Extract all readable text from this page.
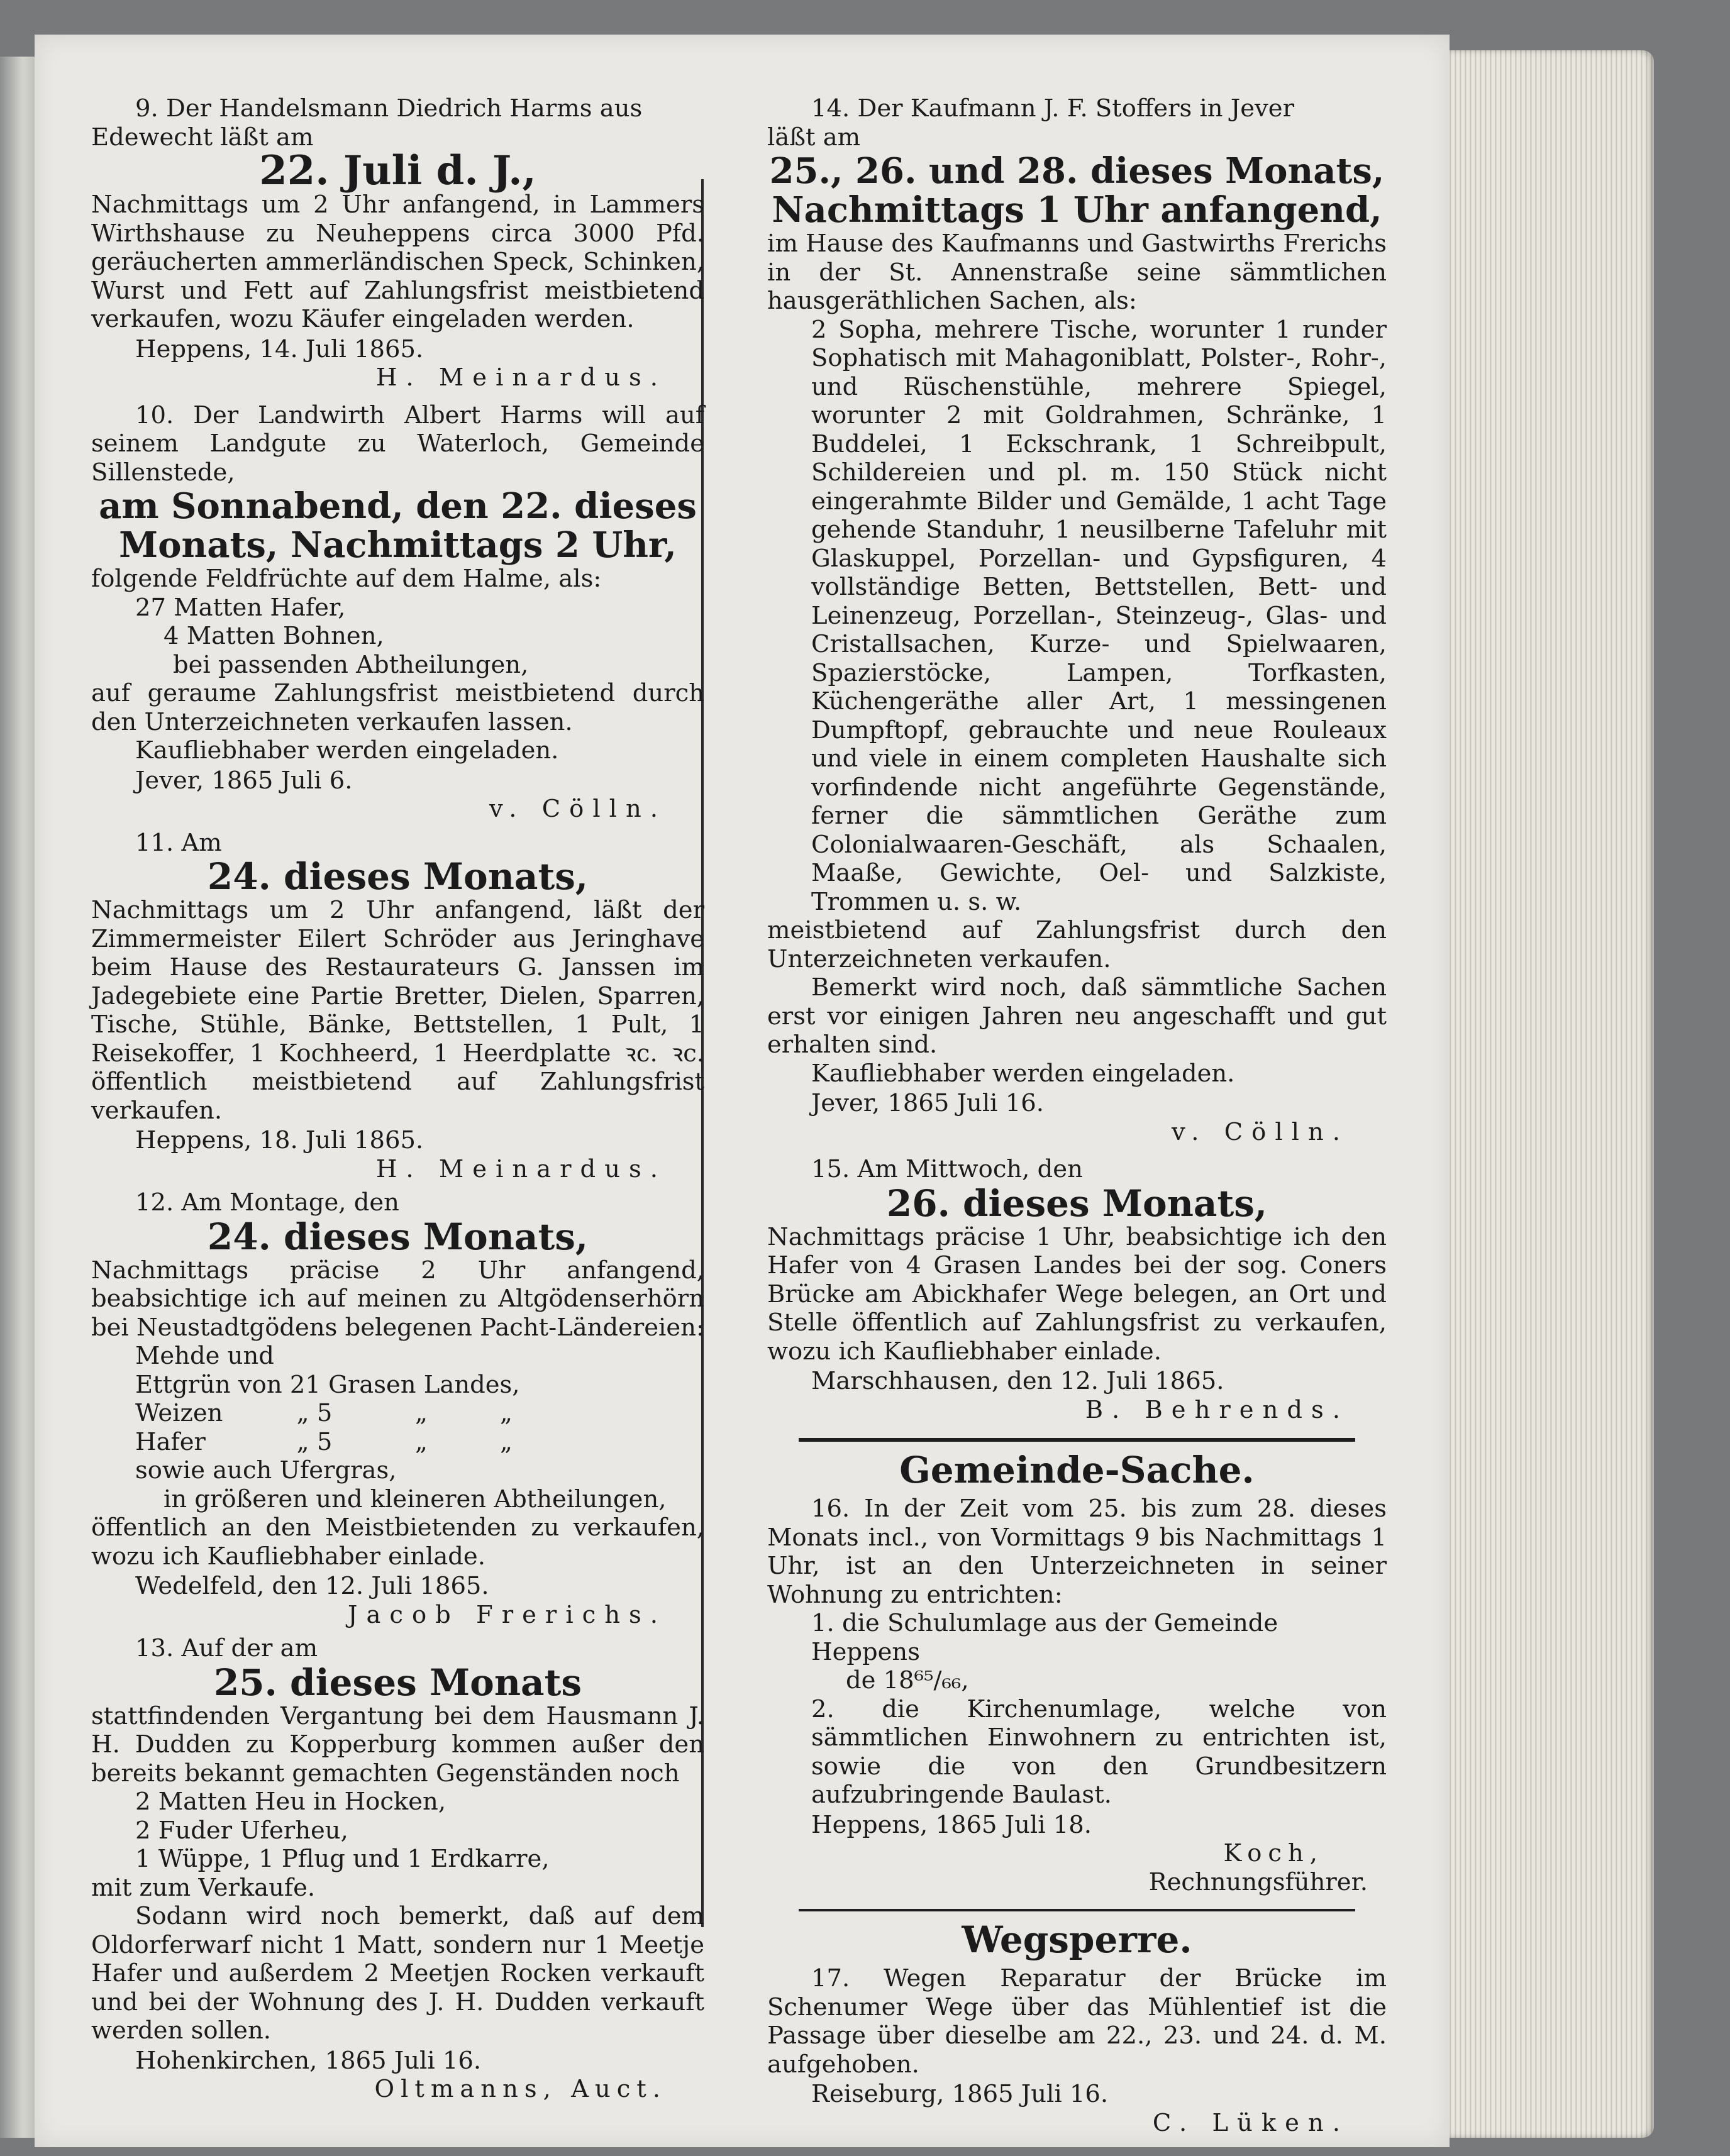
9. Der Handelsmann Diedrich Harms aus

Edewecht läßt am

22. Juli d. J.,

Nachmittags um 2 Uhr anfangend, in Lammers Wirthshause zu Neuheppens circa 3000 Pfd. geräucherten ammerländischen Speck, Schinken, Wurst und Fett auf Zahlungsfrist meistbietend verkaufen, wozu Käufer eingeladen werden.

Heppens, 14. Juli 1865.

H. Meinardus.

10. Der Landwirth Albert Harms will auf seinem Landgute zu Waterloch, Gemeinde Sillenstede,

am Sonnabend, den 22. dieses

Monats, Nachmittags 2 Uhr,

folgende Feldfrüchte auf dem Halme, als:

27 Matten Hafer,

4 Matten Bohnen,

bei passenden Abtheilungen,

auf geraume Zahlungsfrist meistbietend durch den Unterzeichneten verkaufen lassen.

Kaufliebhaber werden eingeladen.

Jever, 1865 Juli 6.

v. Cölln.

11. Am

24. dieses Monats,

Nachmittags um 2 Uhr anfangend, läßt der Zimmermeister Eilert Schröder aus Jeringhave beim Hause des Restaurateurs G. Janssen im Jadegebiete eine Partie Bretter, Dielen, Sparren, Tische, Stühle, Bänke, Bettstellen, 1 Pult, 1 Reisekoffer, 1 Kochheerd, 1 Heerdplatte ꝛc. ꝛc. öffentlich meistbietend auf Zahlungsfrist verkaufen.

Heppens, 18. Juli 1865.

H. Meinardus.

12. Am Montage, den

24. dieses Monats,

Nachmittags präcise 2 Uhr anfangend, beabsichtige ich auf meinen zu Altgödenserhörn bei Neustadtgödens belegenen Pacht-Ländereien:

Mehde und
Ettgrün von 21 Grasen Landes,
Weizen	„ 5	„	„
Hafer	„ 5	„	„

sowie auch Ufergras,

in größeren und kleineren Abtheilungen,

öffentlich an den Meistbietenden zu verkaufen, wozu ich Kaufliebhaber einlade.

Wedelfeld, den 12. Juli 1865.

Jacob Frerichs.

13. Auf der am

25. dieses Monats

stattfindenden Vergantung bei dem Hausmann J. H. Dudden zu Kopperburg kommen außer den bereits bekannt gemachten Gegenständen noch

2 Matten Heu in Hocken,

2 Fuder Uferheu,

1 Wüppe, 1 Pflug und 1 Erdkarre,

mit zum Verkaufe.

Sodann wird noch bemerkt, daß auf dem Oldorferwarf nicht 1 Matt, sondern nur 1 Meetje Hafer und außerdem 2 Meetjen Rocken verkauft und bei der Wohnung des J. H. Dudden verkauft werden sollen.

Hohenkirchen, 1865 Juli 16.

Oltmanns, Auct.

14. Der Kaufmann J. F. Stoffers in Jever

läßt am

25., 26. und 28. dieses Monats,

Nachmittags 1 Uhr anfangend,

im Hause des Kaufmanns und Gastwirths Frerichs in der St. Annenstraße seine sämmtlichen hausgeräthlichen Sachen, als:

2 Sopha, mehrere Tische, worunter 1 runder Sophatisch mit Mahagoniblatt, Polster-, Rohr-, und Rüschenstühle, mehrere Spiegel, worunter 2 mit Goldrahmen, Schränke, 1 Buddelei, 1 Eckschrank, 1 Schreibpult, Schildereien und pl. m. 150 Stück nicht eingerahmte Bilder und Gemälde, 1 acht Tage gehende Standuhr, 1 neusilberne Tafeluhr mit Glaskuppel, Porzellan- und Gypsfiguren, 4 vollständige Betten, Bettstellen, Bett- und Leinenzeug, Porzellan-, Steinzeug-, Glas- und Cristallsachen, Kurze- und Spielwaaren, Spazierstöcke, Lampen, Torfkasten, Küchengeräthe aller Art, 1 messingenen Dumpftopf, gebrauchte und neue Rouleaux und viele in einem completen Haushalte sich vorfindende nicht angeführte Gegenstände, ferner die sämmtlichen Geräthe zum Colonialwaaren-Geschäft, als Schaalen, Maaße, Gewichte, Oel- und Salzkiste, Trommen u. s. w.

meistbietend auf Zahlungsfrist durch den Unterzeichneten verkaufen.

Bemerkt wird noch, daß sämmtliche Sachen erst vor einigen Jahren neu angeschafft und gut erhalten sind.

Kaufliebhaber werden eingeladen.

Jever, 1865 Juli 16.

v. Cölln.

15. Am Mittwoch, den

26. dieses Monats,

Nachmittags präcise 1 Uhr, beabsichtige ich den Hafer von 4 Grasen Landes bei der sog. Coners Brücke am Abickhafer Wege belegen, an Ort und Stelle öffentlich auf Zahlungsfrist zu verkaufen, wozu ich Kaufliebhaber einlade.

Marschhausen, den 12. Juli 1865.

B. Behrends.

Gemeinde-Sache.

16. In der Zeit vom 25. bis zum 28. dieses Monats incl., von Vormittags 9 bis Nachmittags 1 Uhr, ist an den Unterzeichneten in seiner Wohnung zu entrichten:

1. die Schulumlage aus der Gemeinde Heppens

de 18⁶⁵/₆₆,

2. die Kirchenumlage, welche von sämmtlichen Einwohnern zu entrichten ist, sowie die von den Grundbesitzern aufzubringende Baulast.

Heppens, 1865 Juli 18.

Koch,

Rechnungsführer.

Wegsperre.

17. Wegen Reparatur der Brücke im Schenumer Wege über das Mühlentief ist die Passage über dieselbe am 22., 23. und 24. d. M. aufgehoben.

Reiseburg, 1865 Juli 16.

C. Lüken.
